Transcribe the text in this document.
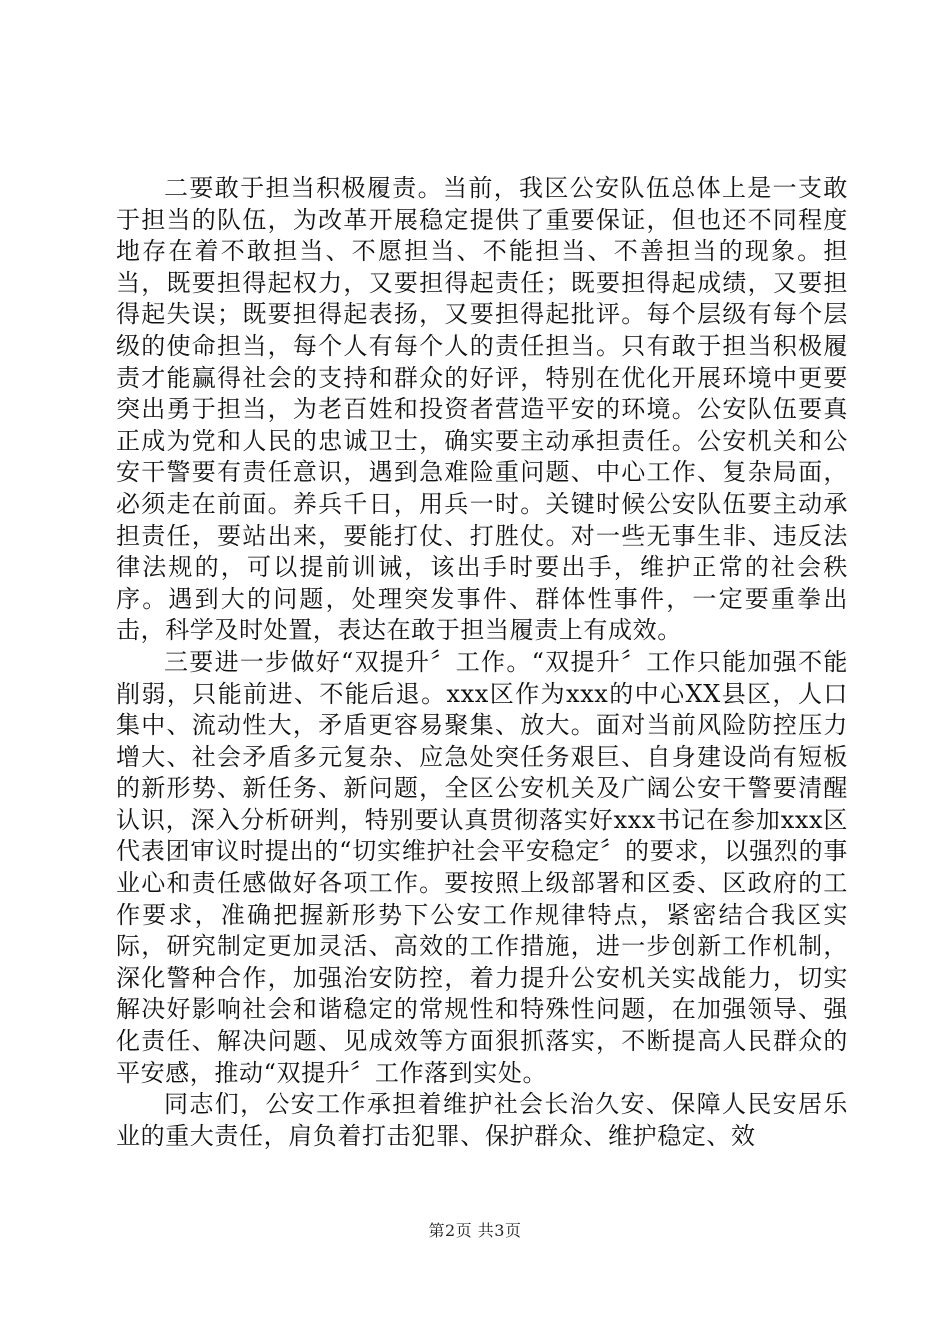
二要敢于担当积极履责。当前，我区公安队伍总体上是一支敢于担当的队伍，为改革开展稳定提供了重要保证，但也还不同程度地存在着不敢担当、不愿担当、不能担当、不善担当的现象。担当，既要担得起权力，又要担得起责任；既要担得起成绩，又要担得起失误；既要担得起表扬，又要担得起批评。每个层级有每个层级的使命担当，每个人有每个人的责任担当。只有敢于担当积极履责才能赢得社会的支持和群众的好评，特别在优化开展环境中更要突出勇于担当，为老百姓和投资者营造平安的环境。公安队伍要真正成为党和人民的忠诚卫士，确实要主动承担责任。公安机关和公安干警要有责任意识，遇到急难险重问题、中心工作、复杂局面，必须走在前面。养兵千日，用兵一时。关键时候公安队伍要主动承担责任，要站出来，要能打仗、打胜仗。对一些无事生非、违反法律法规的，可以提前训诫，该出手时要出手，维护正常的社会秩序。遇到大的问题，处理突发事件、群体性事件，一定要重拳出击，科学及时处置，表达在敢于担当履责上有成效。

三要进一步做好“双提升〞工作。“双提升〞工作只能加强不能削弱，只能前进、不能后退。xxx区作为xxx的中心XX县区，人口集中、流动性大，矛盾更容易聚集、放大。面对当前风险防控压力增大、社会矛盾多元复杂、应急处突任务艰巨、自身建设尚有短板的新形势、新任务、新问题，全区公安机关及广阔公安干警要清醒认识，深入分析研判，特别要认真贯彻落实好xxx书记在参加xxx区代表团审议时提出的“切实维护社会平安稳定〞的要求，以强烈的事业心和责任感做好各项工作。要按照上级部署和区委、区政府的工作要求，准确把握新形势下公安工作规律特点，紧密结合我区实际，研究制定更加灵活、高效的工作措施，进一步创新工作机制，深化警种合作，加强治安防控，着力提升公安机关实战能力，切实解决好影响社会和谐稳定的常规性和特殊性问题，在加强领导、强化责任、解决问题、见成效等方面狠抓落实，不断提高人民群众的平安感，推动“双提升〞工作落到实处。

同志们，公安工作承担着维护社会长治久安、保障人民安居乐业的重大责任，肩负着打击犯罪、保护群众、维护稳定、效

第2页 共3页
